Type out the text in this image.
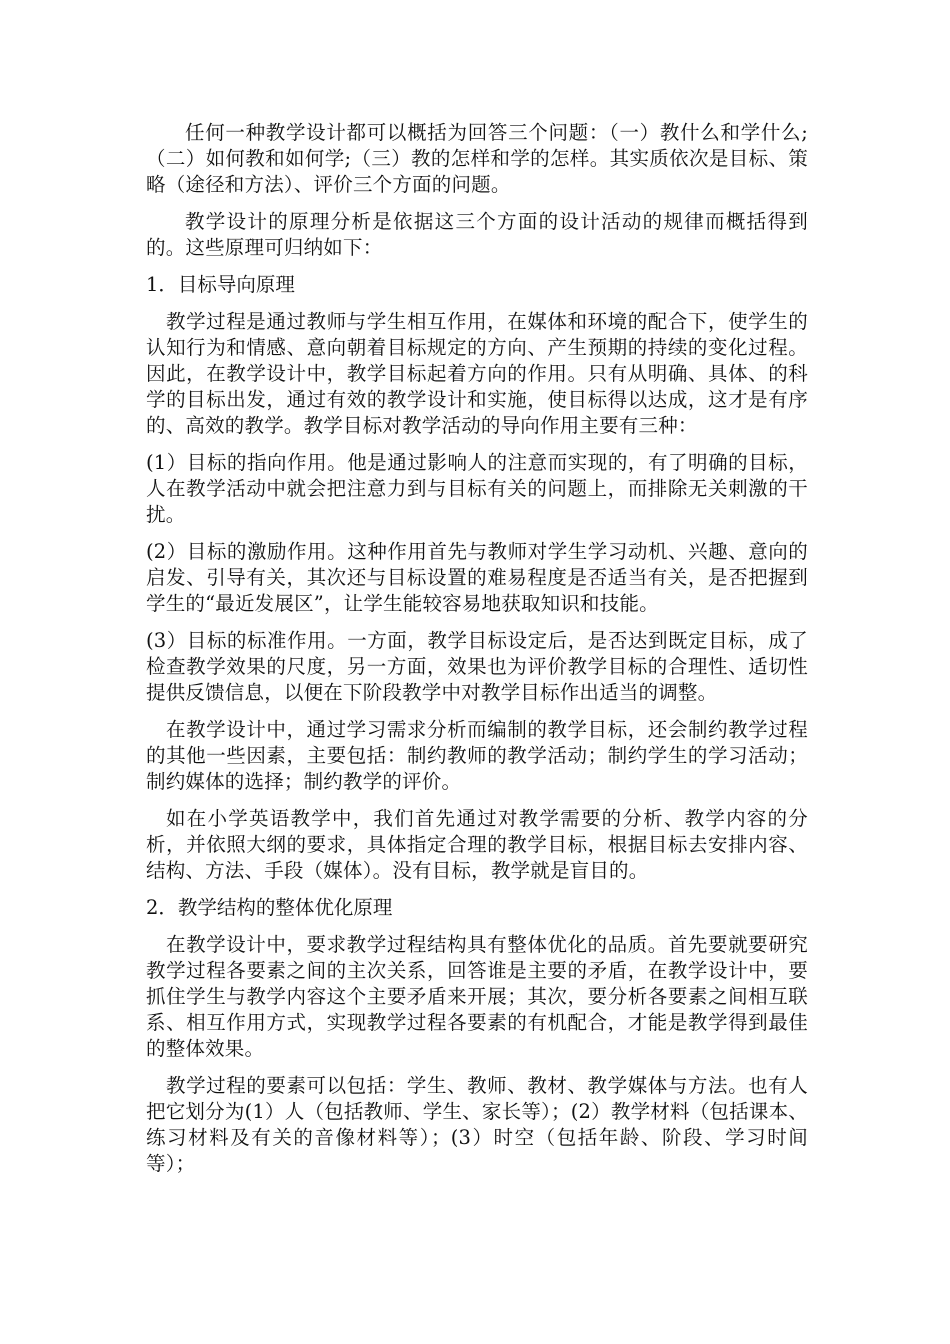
任何一种教学设计都可以概括为回答三个问题：（一）教什么和学什么;（二）如何教和如何学;（三）教的怎样和学的怎样。其实质依次是目标、策略（途径和方法）、评价三个方面的问题。

教学设计的原理分析是依据这三个方面的设计活动的规律而概括得到的。这些原理可归纳如下：

1．目标导向原理

教学过程是通过教师与学生相互作用，在媒体和环境的配合下，使学生的认知行为和情感、意向朝着目标规定的方向、产生预期的持续的变化过程。因此，在教学设计中，教学目标起着方向的作用。只有从明确、具体、的科学的目标出发，通过有效的教学设计和实施，使目标得以达成，这才是有序的、高效的教学。教学目标对教学活动的导向作用主要有三种：

(1）目标的指向作用。他是通过影响人的注意而实现的，有了明确的目标，人在教学活动中就会把注意力到与目标有关的问题上，而排除无关刺激的干扰。

(2）目标的激励作用。这种作用首先与教师对学生学习动机、兴趣、意向的启发、引导有关，其次还与目标设置的难易程度是否适当有关，是否把握到学生的“最近发展区”，让学生能较容易地获取知识和技能。

(3）目标的标准作用。一方面，教学目标设定后，是否达到既定目标，成了检查教学效果的尺度，另一方面，效果也为评价教学目标的合理性、适切性提供反馈信息，以便在下阶段教学中对教学目标作出适当的调整。

在教学设计中，通过学习需求分析而编制的教学目标，还会制约教学过程的其他一些因素，主要包括：制约教师的教学活动；制约学生的学习活动；制约媒体的选择；制约教学的评价。

如在小学英语教学中，我们首先通过对教学需要的分析、教学内容的分析，并依照大纲的要求，具体指定合理的教学目标，根据目标去安排内容、结构、方法、手段（媒体）。没有目标，教学就是盲目的。

2．教学结构的整体优化原理

在教学设计中，要求教学过程结构具有整体优化的品质。首先要就要研究教学过程各要素之间的主次关系，回答谁是主要的矛盾，在教学设计中，要抓住学生与教学内容这个主要矛盾来开展；其次，要分析各要素之间相互联系、相互作用方式，实现教学过程各要素的有机配合，才能是教学得到最佳的整体效果。

教学过程的要素可以包括：学生、教师、教材、教学媒体与方法。也有人把它划分为(1）人（包括教师、学生、家长等）；(2）教学材料（包括课本、练习材料及有关的音像材料等）；(3）时空（包括年龄、阶段、学习时间等）；
